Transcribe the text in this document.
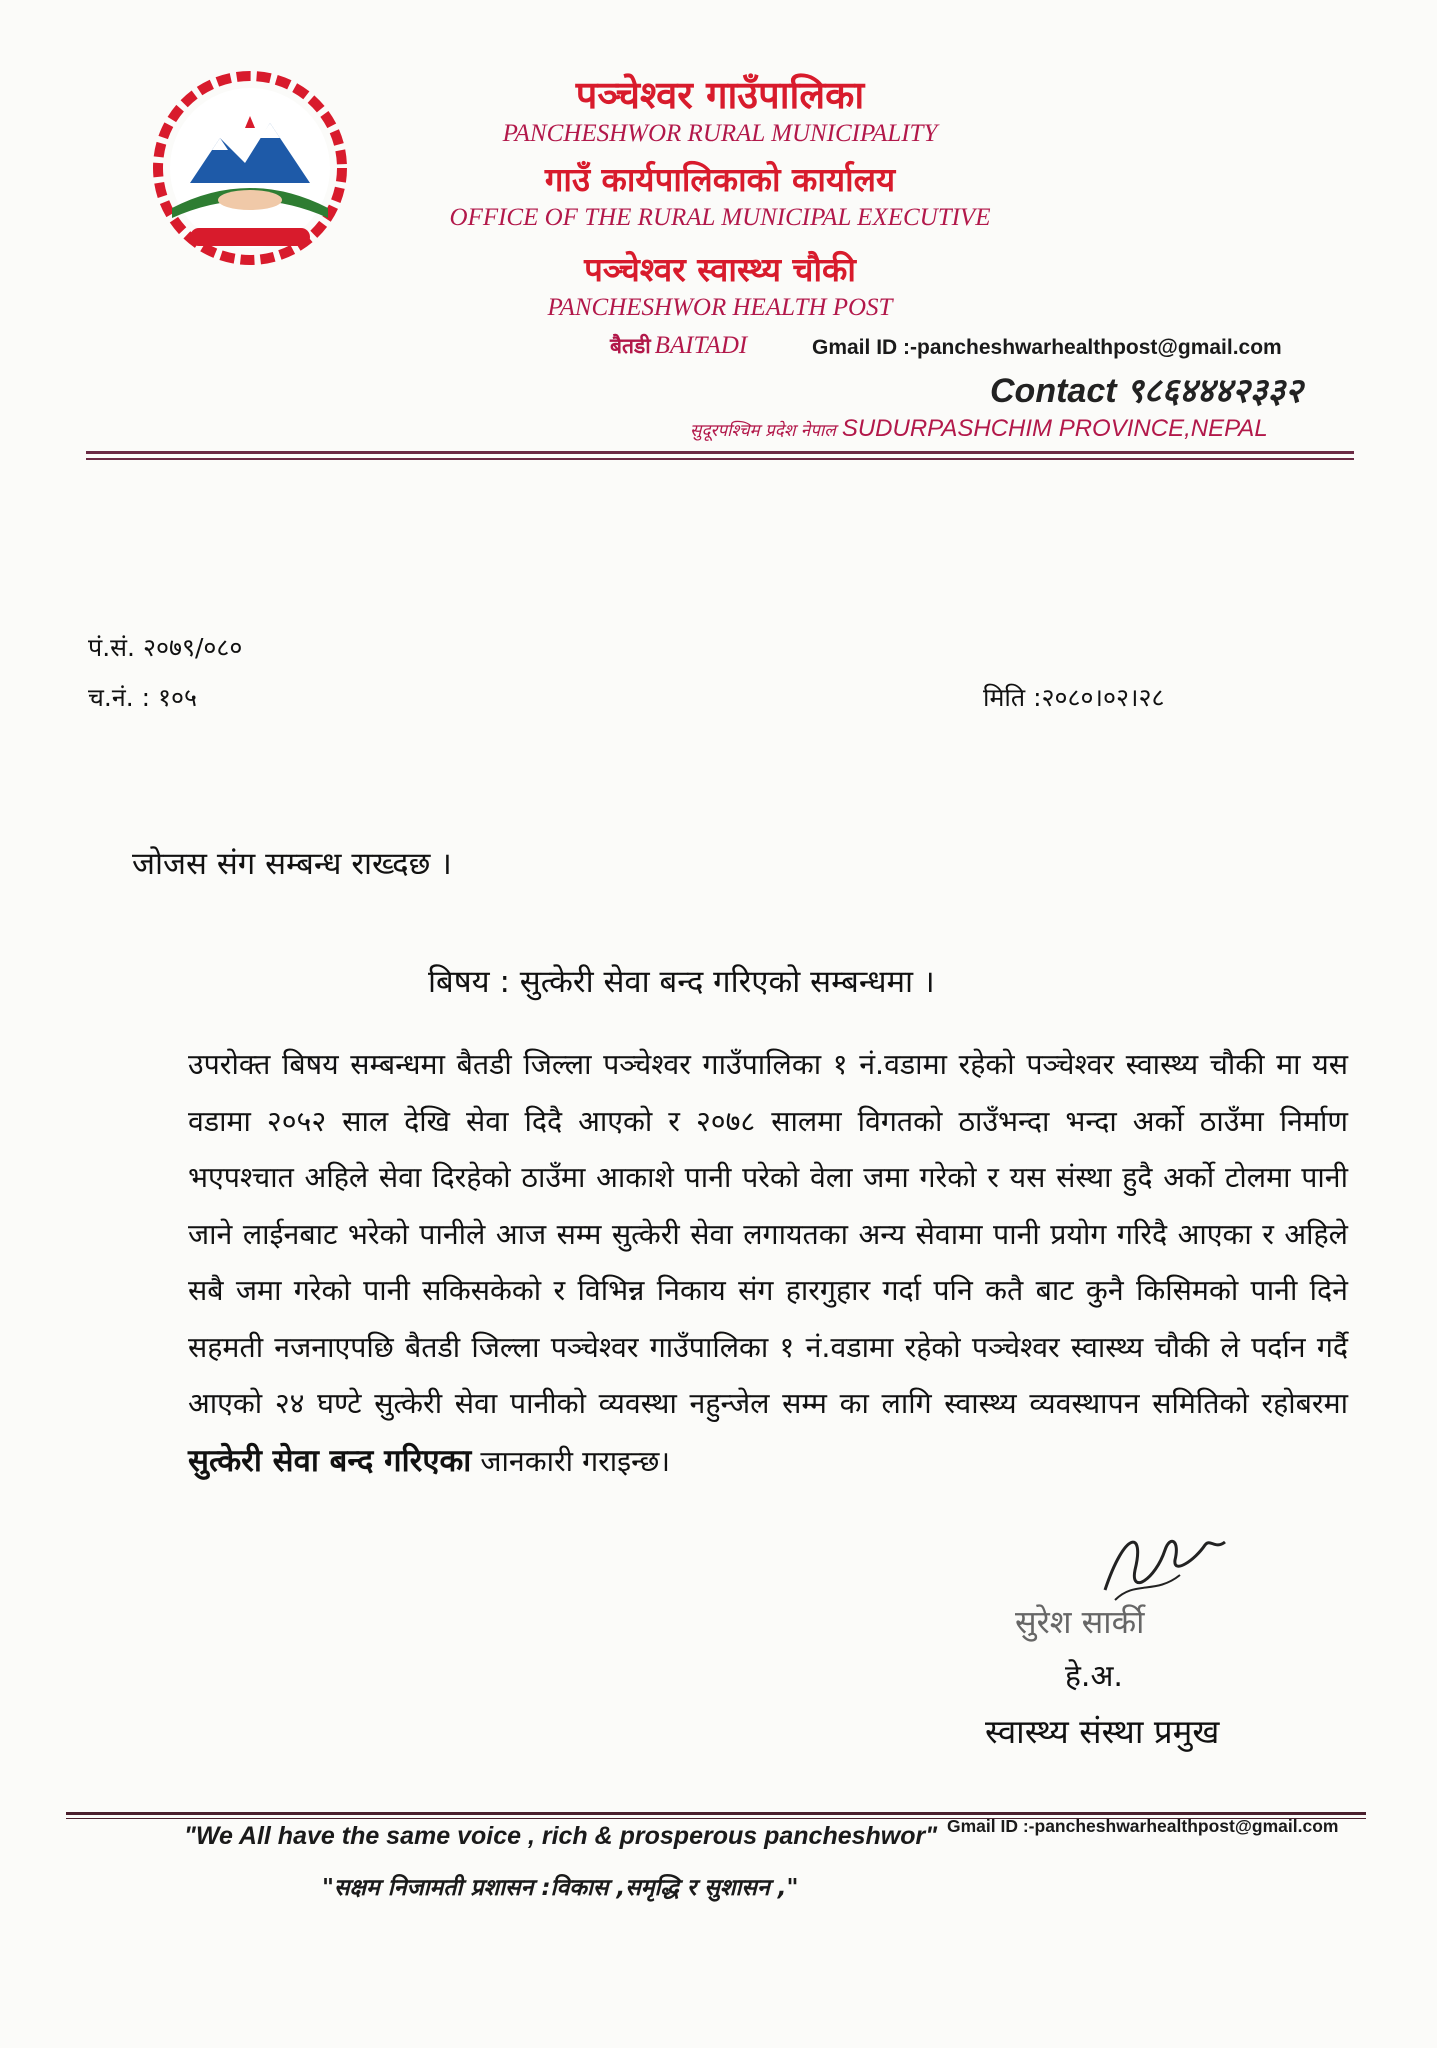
पञ्चेश्वर गाउँपालिका
PANCHESHWOR RURAL MUNICIPALITY
गाउँ कार्यपालिकाको कार्यालय
OFFICE OF THE RURAL MUNICIPAL EXECUTIVE
पञ्चेश्वर स्वास्थ्य चौकी
PANCHESHWOR HEALTH POST
बैतडी BAITADI	Gmail ID :-pancheshwarhealthpost@gmail.com
Contact ९८६४४४२३३२
सुदूरपश्चिम प्रदेश नेपाल SUDURPASHCHIM PROVINCE,NEPAL
पं.सं. २०७९/०८०
च.नं. : १०५	मिति :२०८०।०२।२८
जोजस संग सम्बन्ध राख्दछ ।
बिषय : सुत्केरी सेवा बन्द गरिएको सम्बन्धमा ।
उपरोक्त बिषय सम्बन्धमा बैतडी जिल्ला पञ्चेश्वर गाउँपालिका १ नं.वडामा रहेको पञ्चेश्वर स्वास्थ्य चौकी मा यस वडामा २०५२ साल देखि सेवा दिदै आएको र २०७८ सालमा विगतको ठाउँभन्दा भन्दा अर्को ठाउँमा निर्माण भएपश्चात अहिले सेवा दिरहेको ठाउँमा आकाशे पानी परेको वेला जमा गरेको र यस संस्था हुदै अर्को टोलमा पानी जाने लाईनबाट भरेको पानीले आज सम्म सुत्केरी सेवा लगायतका अन्य सेवामा पानी प्रयोग गरिदै आएका र अहिले सबै जमा गरेको पानी सकिसकेको र विभिन्न निकाय संग हारगुहार गर्दा पनि कतै बाट कुनै किसिमको पानी दिने सहमती नजनाएपछि बैतडी जिल्ला पञ्चेश्वर गाउँपालिका १ नं.वडामा रहेको पञ्चेश्वर स्वास्थ्य चौकी ले पर्दान गर्दै आएको २४ घण्टे सुत्केरी सेवा पानीको व्यवस्था नहुन्जेल सम्म का लागि स्वास्थ्य व्यवस्थापन समितिको रहोबरमा सुत्केरी सेवा बन्द गरिएका जानकारी गराइन्छ।
सुरेश सार्की
हे.अ.
स्वास्थ्य संस्था प्रमुख
"We All have the same voice , rich & prosperous pancheshwor" Gmail ID :-pancheshwarhealthpost@gmail.com
"सक्षम निजामती प्रशासन :विकास ,समृद्धि र सुशासन ,"
